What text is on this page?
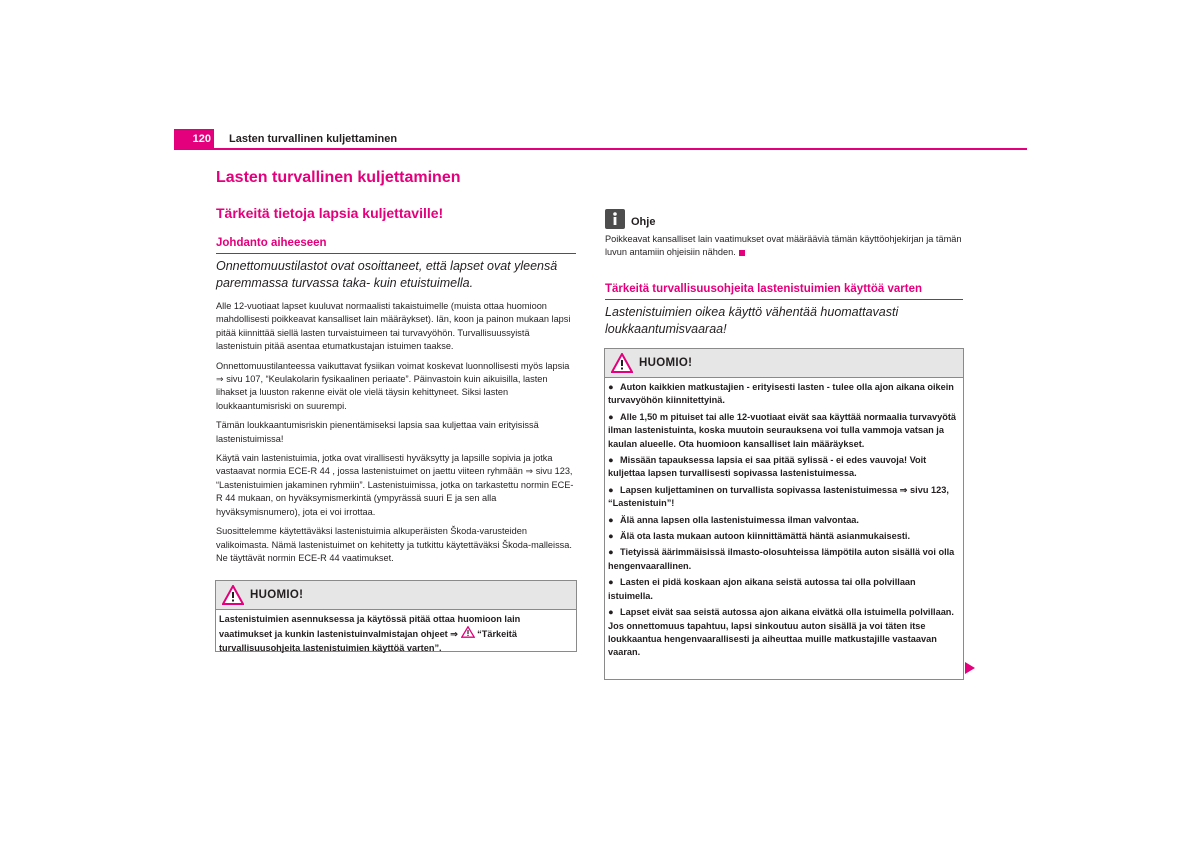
120 Lasten turvallinen kuljettaminen
Lasten turvallinen kuljettaminen
Tärkeitä tietoja lapsia kuljettaville!
Johdanto aiheeseen
Onnettomuustilastot ovat osoittaneet, että lapset ovat yleensä paremmassa turvassa taka- kuin etuistuimella.

Alle 12-vuotiaat lapset kuuluvat normaalisti takaistuimelle (muista ottaa huomioon mahdollisesti poikkeavat kansalliset lain määräykset). Iän, koon ja painon mukaan lapsi pitää kiinnittää siellä lasten turvaistuimeen tai turvavyöhön. Turvallisuussyistä lastenistuin pitää asentaa etumatkustajan istuimen taakse.

Onnettomuustilanteessa vaikuttavat fysiikan voimat koskevat luonnollisesti myös lapsia ⇒ sivu 107, “Keulakolarin fysikaalinen periaate”. Päinvastoin kuin aikuisilla, lasten lihakset ja luuston rakenne eivät ole vielä täysin kehittyneet. Siksi lasten loukkaantumisriski on suurempi.

Tämän loukkaantumisriskin pienentämiseksi lapsia saa kuljettaa vain erityisissä lastenistuimissa!

Käytä vain lastenistuimia, jotka ovat virallisesti hyväksytty ja lapsille sopivia ja jotka vastaavat normia ECE-R 44 , jossa lastenistuimet on jaettu viiteen ryhmään ⇒ sivu 123, “Lastenistuimien jakaminen ryhmiin”. Lastenistuimissa, jotka on tarkastettu normin ECE-R 44 mukaan, on hyväksymismerkintä (ympyrässä suuri E ja sen alla hyväksymisnumero), jota ei voi irrottaa.

Suosittelemme käytettäväksi lastenistuimia alkuperäisten Škoda-varusteiden valikoimasta. Nämä lastenistuimet on kehitetty ja tutkittu käytettäväksi Škoda-malleissa. Ne täyttävät normin ECE-R 44 vaatimukset.

HUOMIO!
Lastenistuimien asennuksessa ja käytössä pitää ottaa huomioon lain vaatimukset ja kunkin lastenistuinvalmistajan ohjeet ⇒ “Tärkeitä turvallisuusohjeita lastenistuimien käyttöä varten”.
Ohje
Poikkeavat kansalliset lain vaatimukset ovat määräävià tämän käyttöohjekirjan ja tämän luvun antamiin ohjeisiin nähden.
Tärkeitä turvallisuusohjeita lastenistuimien käyttöä varten
Lastenistuimien oikea käyttö vähentää huomattavasti loukkaantumisvaaraa!
HUOMIO!

● Auton kaikkien matkustajien - erityisesti lasten - tulee olla ajon aikana oikein turvavyöhön kiinnitettyinä.

● Alle 1,50 m pituiset tai alle 12-vuotiaat eivät saa käyttää normaalia turvavyötä ilman lastenistuinta, koska muutoin seurauksena voi tulla vammoja vatsan ja kaulan alueelle. Ota huomioon kansalliset lain määräykset.

● Missään tapauksessa lapsia ei saa pitää sylissä - ei edes vauvoja! Voit kuljettaa lapsen turvallisesti sopivassa lastenistuimessa.

● Lapsen kuljettaminen on turvallista sopivassa lastenistuimessa ⇒ sivu 123, “Lastenistuin”!

● Älä anna lapsen olla lastenistuimessa ilman valvontaa.

● Älä ota lasta mukaan autoon kiinnittämättä häntä asianmukaisesti.

● Tietyissä äärimmäisissä ilmasto-olosuhteissa lämpötila auton sisällä voi olla hengenvaarallinen.

● Lasten ei pidä koskaan ajon aikana seistä autossa tai olla polvillaan istuimella.

● Lapset eivät saa seistä autossa ajon aikana eivätkä olla istuimella polvillaan. Jos onnettomuus tapahtuu, lapsi sinkoutuu auton sisällä ja voi täten itse loukkaantua hengenvaarallisesti ja aiheuttaa muille matkustajille vastaavan vaaran.
